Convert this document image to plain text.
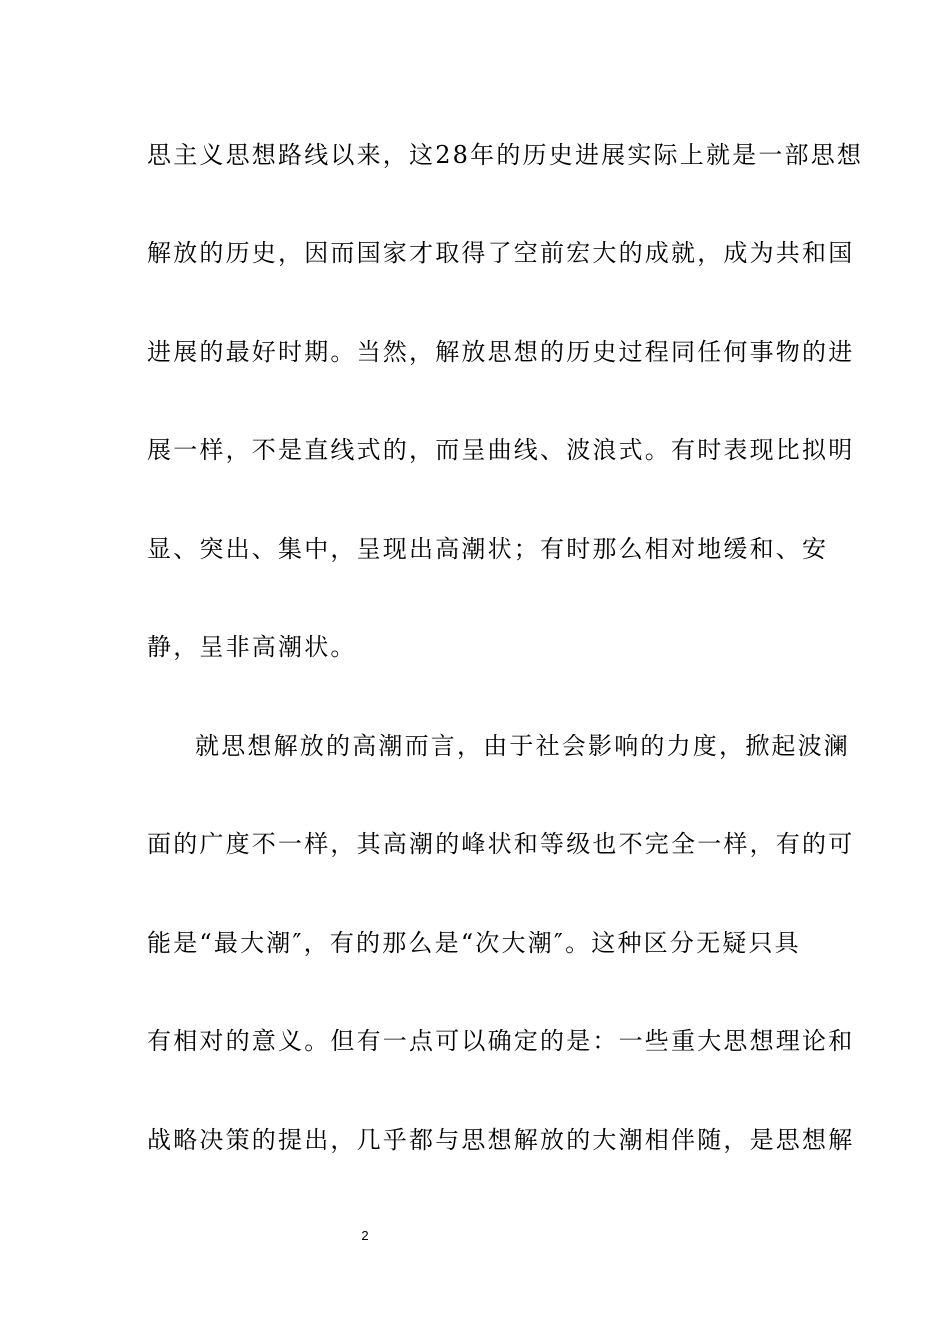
思主义思想路线以来，这28年的历史进展实际上就是一部思想
解放的历史，因而国家才取得了空前宏大的成就，成为共和国
进展的最好时期。当然，解放思想的历史过程同任何事物的进
展一样，不是直线式的，而呈曲线、波浪式。有时表现比拟明
显、突出、集中，呈现出高潮状；有时那么相对地缓和、安
静，呈非高潮状。
就思想解放的高潮而言，由于社会影响的力度，掀起波澜
面的广度不一样，其高潮的峰状和等级也不完全一样，有的可
能是“最大潮″，有的那么是“次大潮″。这种区分无疑只具
有相对的意义。但有一点可以确定的是：一些重大思想理论和
战略决策的提出，几乎都与思想解放的大潮相伴随，是思想解
2
